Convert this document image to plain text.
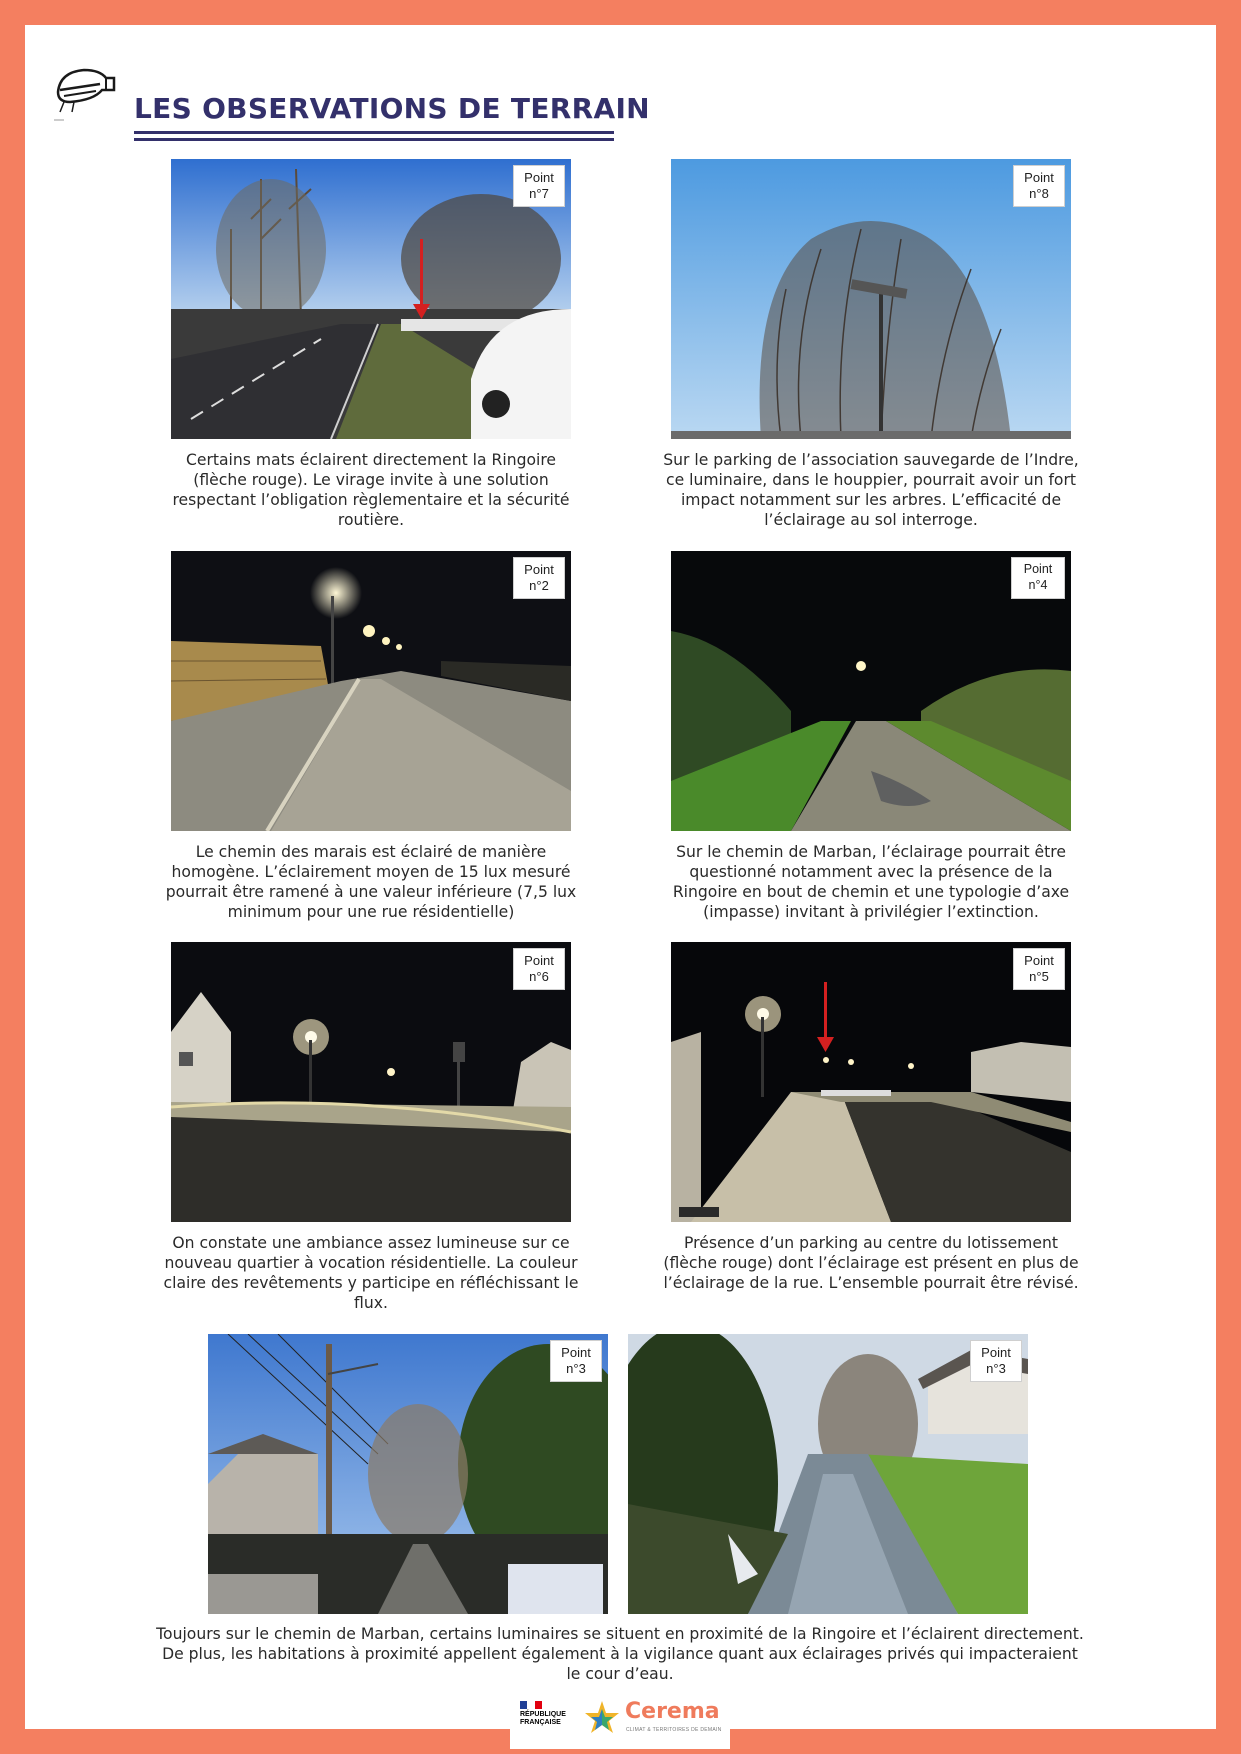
LES OBSERVATIONS DE TERRAIN
Point n°7
Certains mats éclairent directement la Ringoire (flèche rouge). Le virage invite à une solution respectant l’obligation règlementaire et la sécurité routière.
Point n°8
Sur le parking de l’association sauvegarde de l’Indre, ce luminaire, dans le houppier, pourrait avoir un fort impact notamment sur les arbres. L’efficacité de l’éclairage au sol interroge.
Point n°2
Le chemin des marais est éclairé de manière homogène. L’éclairement moyen de 15 lux mesuré pourrait être ramené à une valeur inférieure (7,5 lux minimum pour une rue résidentielle)
Point n°4
Sur le chemin de Marban, l’éclairage pourrait être questionné notamment avec la présence de la Ringoire en bout de chemin et une typologie d’axe (impasse) invitant à privilégier l’extinction.
Point n°6
On constate une ambiance assez lumineuse sur ce nouveau quartier à vocation résidentielle. La couleur claire des revêtements y participe en réfléchissant le flux.
Point n°5
Présence d’un parking au centre du lotissement (flèche rouge) dont l’éclairage est présent en plus de l’éclairage de la rue. L’ensemble pourrait être révisé.
Point n°3
Point n°3
Toujours sur le chemin de Marban, certains luminaires se situent en proximité de la Ringoire et l’éclairent directement. De plus, les habitations à proximité appellent également à la vigilance quant aux éclairages privés qui impacteraient le cour d’eau.
RÉPUBLIQUE
FRANÇAISE	Cerema
CLIMAT & TERRITOIRES DE DEMAIN
